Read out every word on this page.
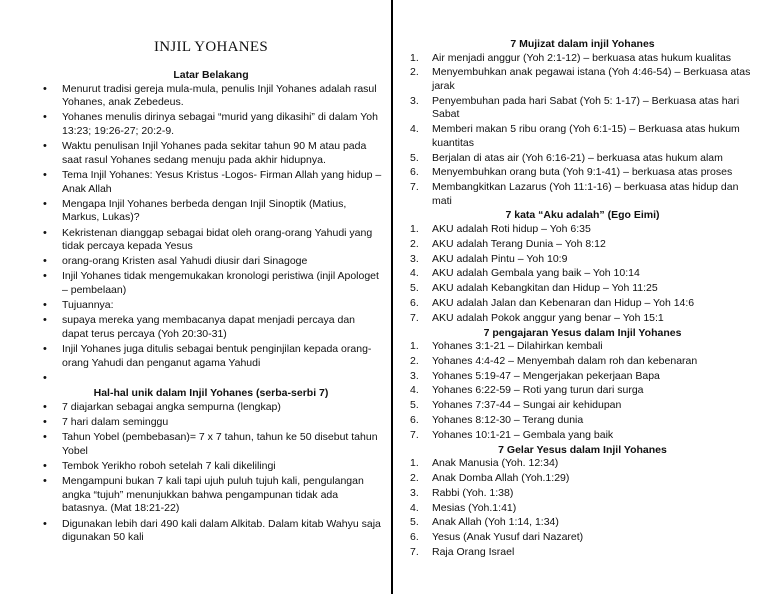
INJIL YOHANES
Latar Belakang
• Menurut tradisi gereja mula-mula, penulis Injil Yohanes adalah rasul Yohanes, anak Zebedeus.
• Yohanes menulis dirinya sebagai “murid yang dikasihi” di dalam Yoh 13:23; 19:26-27; 20:2-9.
• Waktu penulisan Injil Yohanes pada sekitar tahun 90 M atau pada saat rasul Yohanes sedang menuju pada akhir hidupnya.
• Tema Injil Yohanes: Yesus Kristus -Logos- Firman Allah yang hidup – Anak Allah
• Mengapa Injil Yohanes berbeda dengan Injil Sinoptik (Matius, Markus, Lukas)?
• Kekristenan dianggap sebagai bidat oleh orang-orang Yahudi yang tidak percaya kepada Yesus
• orang-orang Kristen asal Yahudi diusir dari Sinagoge
• Injil Yohanes tidak mengemukakan kronologi peristiwa (injil Apologet – pembelaan)
• Tujuannya:
• supaya mereka yang membacanya dapat menjadi percaya dan dapat terus percaya (Yoh 20:30-31)
• Injil Yohanes juga ditulis sebagai bentuk penginjilan kepada orang-orang Yahudi dan penganut agama Yahudi
•
Hal-hal unik dalam Injil Yohanes (serba-serbi 7)
• 7 diajarkan sebagai angka sempurna (lengkap)
• 7 hari dalam seminggu
• Tahun Yobel (pembebasan)= 7 x 7 tahun, tahun ke 50 disebut tahun Yobel
• Tembok Yerikho roboh setelah 7 kali dikelilingi
• Mengampuni bukan 7 kali tapi ujuh puluh tujuh kali, pengulangan angka “tujuh” menunjukkan bahwa pengampunan tidak ada batasnya. (Mat 18:21-22)
• Digunakan lebih dari 490 kali dalam Alkitab. Dalam kitab Wahyu saja digunakan 50 kali
7 Mujizat dalam injil Yohanes
1. Air menjadi anggur (Yoh 2:1-12) – berkuasa atas hukum kualitas
2. Menyembuhkan anak pegawai istana (Yoh 4:46-54) – Berkuasa atas jarak
3. Penyembuhan pada hari Sabat (Yoh 5: 1-17) – Berkuasa atas hari Sabat
4. Memberi makan 5 ribu orang (Yoh 6:1-15) – Berkuasa atas hukum kuantitas
5. Berjalan di atas air (Yoh 6:16-21) – berkuasa atas hukum alam
6. Menyembuhkan orang buta (Yoh 9:1-41) – berkuasa atas proses
7. Membangkitkan Lazarus (Yoh 11:1-16) – berkuasa atas hidup dan mati
7 kata “Aku adalah” (Ego Eimi)
1. AKU adalah Roti hidup – Yoh 6:35
2. AKU adalah Terang Dunia – Yoh 8:12
3. AKU adalah Pintu – Yoh 10:9
4. AKU adalah Gembala yang baik – Yoh 10:14
5. AKU adalah Kebangkitan dan Hidup – Yoh 11:25
6. AKU adalah Jalan dan Kebenaran dan Hidup – Yoh 14:6
7. AKU adalah Pokok anggur yang benar – Yoh 15:1
7 pengajaran Yesus dalam Injil Yohanes
1. Yohanes 3:1-21 – Dilahirkan kembali
2. Yohanes 4:4-42 – Menyembah dalam roh dan kebenaran
3. Yohanes 5:19-47 – Mengerjakan pekerjaan Bapa
4. Yohanes 6:22-59 – Roti yang turun dari surga
5. Yohanes 7:37-44 – Sungai air kehidupan
6. Yohanes 8:12-30 – Terang dunia
7. Yohanes 10:1-21 – Gembala yang baik
7 Gelar Yesus dalam Injil Yohanes
1. Anak Manusia (Yoh. 12:34)
2. Anak Domba Allah (Yoh.1:29)
3. Rabbi (Yoh. 1:38)
4. Mesias (Yoh.1:41)
5. Anak Allah (Yoh 1:14, 1:34)
6. Yesus (Anak Yusuf dari Nazaret)
7. Raja Orang Israel
